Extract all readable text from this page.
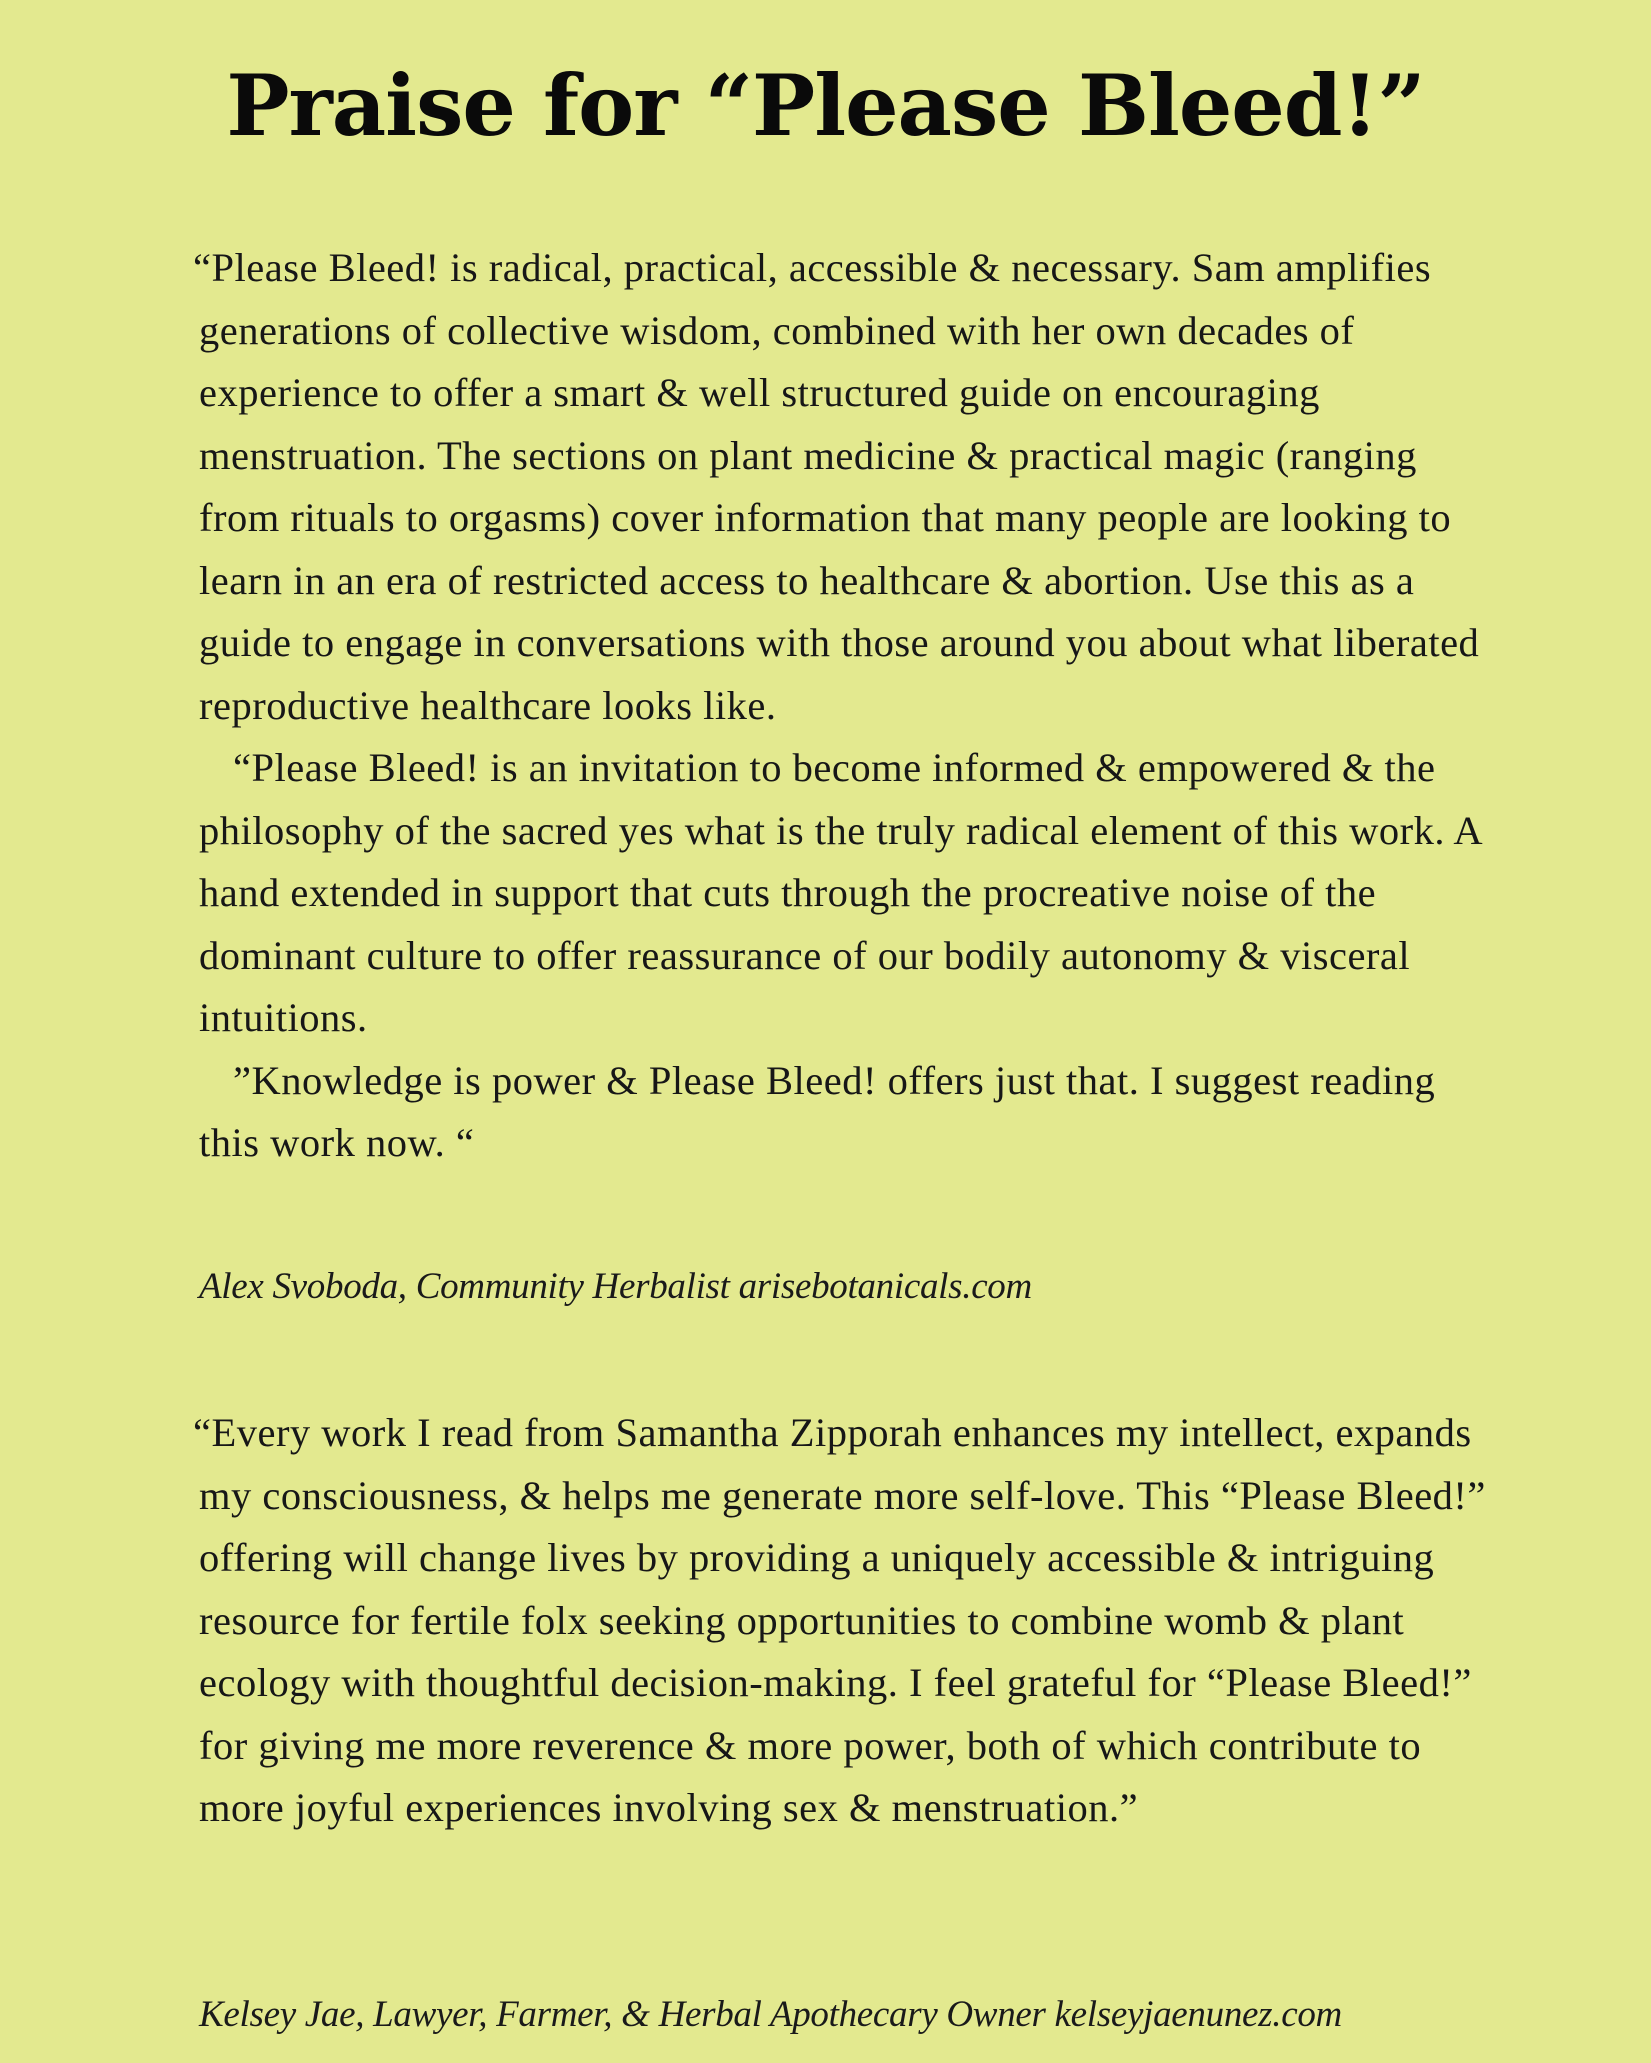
Praise for “Please Bleed!”

“Please Bleed! is radical, practical, accessible & necessary. Sam amplifies generations of collective wisdom, combined with her own decades of experience to offer a smart & well structured guide on encouraging menstruation. The sections on plant medicine & practical magic (ranging from rituals to orgasms) cover information that many people are looking to learn in an era of restricted access to healthcare & abortion. Use this as a guide to engage in conversations with those around you about what liberated reproductive healthcare looks like.

“Please Bleed! is an invitation to become informed & empowered & the philosophy of the sacred yes what is the truly radical element of this work. A hand extended in support that cuts through the procreative noise of the dominant culture to offer reassurance of our bodily autonomy & visceral intuitions.

”Knowledge is power & Please Bleed! offers just that. I suggest reading this work now. “

Alex Svoboda, Community Herbalist arisebotanicals.com

“Every work I read from Samantha Zipporah enhances my intellect, expands my consciousness, & helps me generate more self-love. This “Please Bleed!” offering will change lives by providing a uniquely accessible & intriguing resource for fertile folx seeking opportunities to combine womb & plant ecology with thoughtful decision-making. I feel grateful for “Please Bleed!” for giving me more reverence & more power, both of which contribute to more joyful experiences involving sex & menstruation.”

Kelsey Jae, Lawyer, Farmer, & Herbal Apothecary Owner kelseyjaenunez.com
